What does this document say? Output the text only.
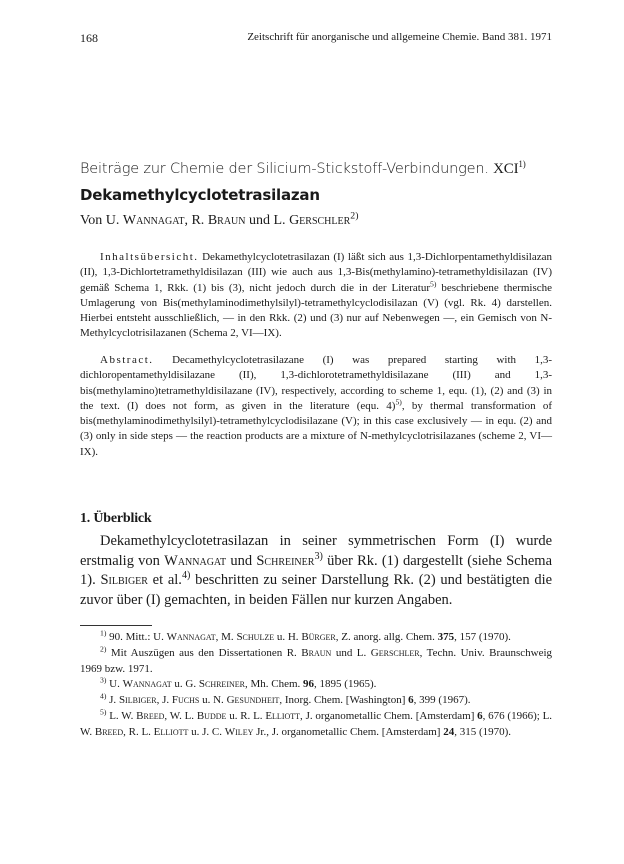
168	Zeitschrift für anorganische und allgemeine Chemie. Band 381. 1971
Beiträge zur Chemie der Silicium-Stickstoff-Verbindungen. XCI$^{1)}$
Dekamethylcyclotetrasilazan
Von U. Wannagat, R. Braun und L. Gerschler$^{2)}$
Inhaltsübersicht. Dekamethylcyclotetrasilazan (I) läßt sich aus 1,3-Dichlorpentamethyldisilazan (II), 1,3-Dichlortetramethyldisilazan (III) wie auch aus 1,3-Bis(methylamino)-tetramethyldisilazan (IV) gemäß Schema 1, Rkk. (1) bis (3), nicht jedoch durch die in der Literatur$^{5)}$ beschriebene thermische Umlagerung von Bis(methylaminodimethylsilyl)-tetramethylcyclodisilazan (V) (vgl. Rk. 4) darstellen. Hierbei entsteht ausschließlich, — in den Rkk. (2) und (3) nur auf Nebenwegen —, ein Gemisch von N-Methylcyclotrisilazanen (Schema 2, VI—IX).
Abstract. Decamethylcyclotetrasilazane (I) was prepared starting with 1,3-dichloropentamethyldisilazane (II), 1,3-dichlorotetramethyldisilazane (III) and 1,3-bis(methylamino)tetramethyldisilazane (IV), respectively, according to scheme 1, equ. (1), (2) and (3) in the text. (I) does not form, as given in the literature (equ. 4)$^{5)}$, by thermal transformation of bis(methylaminodimethylsilyl)-tetramethylcyclodisilazane (V); in this case exclusively — in equ. (2) and (3) only in side steps — the reaction products are a mixture of N-methylcyclotrisilazanes (scheme 2, VI—IX).
1. Überblick
Dekamethylcyclotetrasilazan in seiner symmetrischen Form (I) wurde erstmalig von Wannagat und Schreiner$^{3)}$ über Rk. (1) dargestellt (siehe Schema 1). Silbiger et al.$^{4)}$ beschritten zu seiner Darstellung Rk. (2) und bestätigten die zuvor über (I) gemachten, in beiden Fällen nur kurzen Angaben.
$^{1)}$ 90. Mitt.: U. Wannagat, M. Schulze u. H. Bürger, Z. anorg. allg. Chem. 375, 157 (1970).
$^{2)}$ Mit Auszügen aus den Dissertationen R. Braun und L. Gerschler, Techn. Univ. Braunschweig 1969 bzw. 1971.
$^{3)}$ U. Wannagat u. G. Schreiner, Mh. Chem. 96, 1895 (1965).
$^{4)}$ J. Silbiger, J. Fuchs u. N. Gesundheit, Inorg. Chem. [Washington] 6, 399 (1967).
$^{5)}$ L. W. Breed, W. L. Budde u. R. L. Elliott, J. organometallic Chem. [Amsterdam] 6, 676 (1966); L. W. Breed, R. L. Elliott u. J. C. Wiley Jr., J. organometallic Chem. [Amsterdam] 24, 315 (1970).
